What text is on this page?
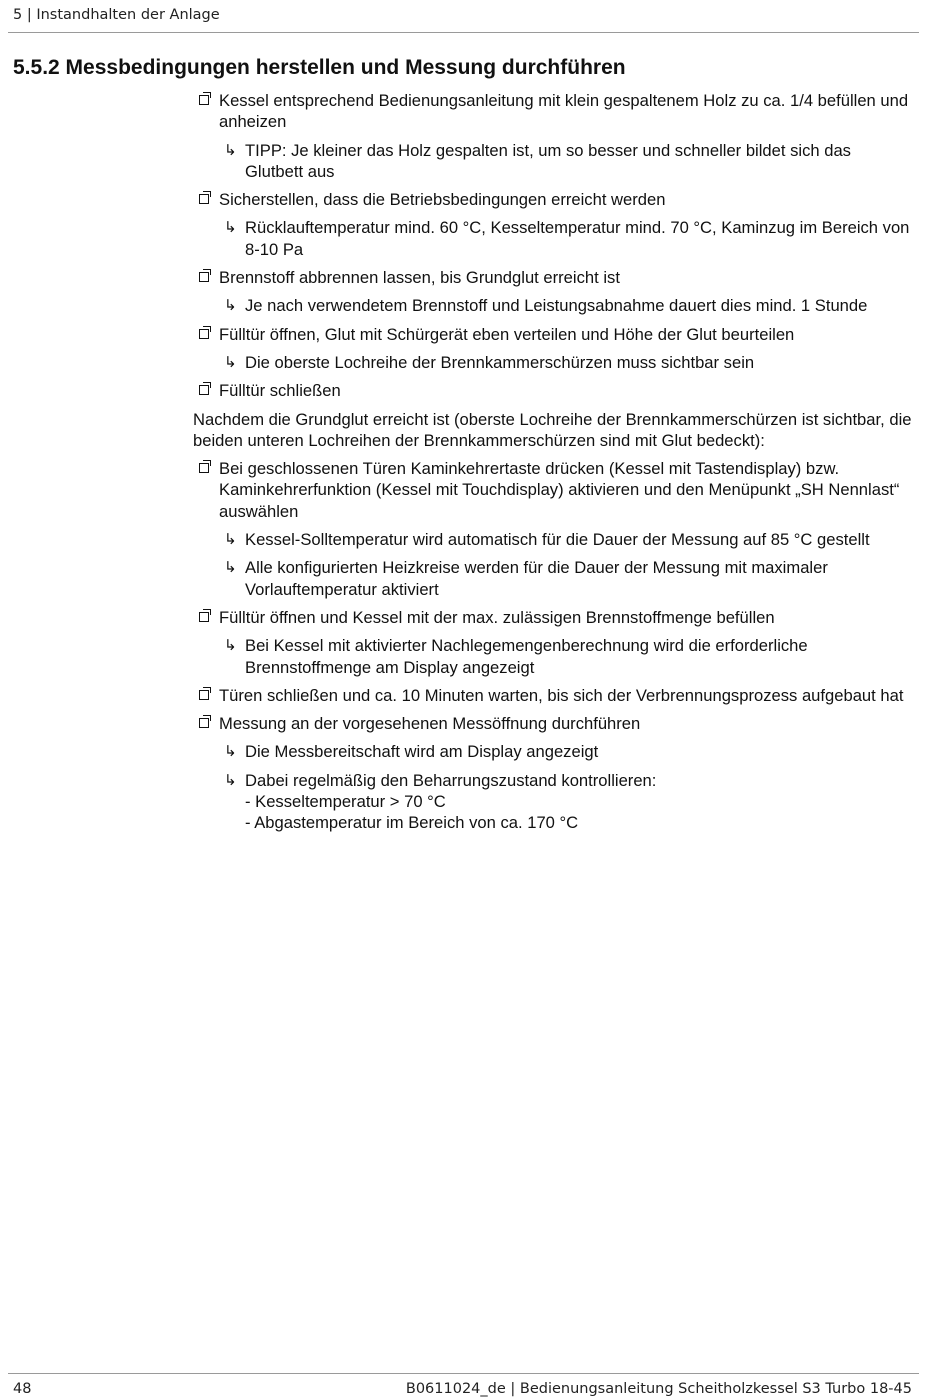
5 | Instandhalten der Anlage
5.5.2 Messbedingungen herstellen und Messung durchführen
Kessel entsprechend Bedienungsanleitung mit klein gespaltenem Holz zu ca. 1/4 befüllen und anheizen
↳ TIPP: Je kleiner das Holz gespalten ist, um so besser und schneller bildet sich das Glutbett aus
Sicherstellen, dass die Betriebsbedingungen erreicht werden
↳ Rücklauftemperatur mind. 60 °C, Kesseltemperatur mind. 70 °C, Kaminzug im Bereich von 8-10 Pa
Brennstoff abbrennen lassen, bis Grundglut erreicht ist
↳ Je nach verwendetem Brennstoff und Leistungsabnahme dauert dies mind. 1 Stunde
Fülltür öffnen, Glut mit Schürgerät eben verteilen und Höhe der Glut beurteilen
↳ Die oberste Lochreihe der Brennkammerschürzen muss sichtbar sein
Fülltür schließen
Nachdem die Grundglut erreicht ist (oberste Lochreihe der Brennkammerschürzen ist sichtbar, die beiden unteren Lochreihen der Brennkammerschürzen sind mit Glut bedeckt):
Bei geschlossenen Türen Kaminkehrertaste drücken (Kessel mit Tastendisplay) bzw. Kaminkehrerfunktion (Kessel mit Touchdisplay) aktivieren und den Menüpunkt „SH Nennlast“ auswählen
↳ Kessel-Solltemperatur wird automatisch für die Dauer der Messung auf 85 °C gestellt
↳ Alle konfigurierten Heizkreise werden für die Dauer der Messung mit maximaler Vorlauftemperatur aktiviert
Fülltür öffnen und Kessel mit der max. zulässigen Brennstoffmenge befüllen
↳ Bei Kessel mit aktivierter Nachlegemengenberechnung wird die erforderliche Brennstoffmenge am Display angezeigt
Türen schließen und ca. 10 Minuten warten, bis sich der Verbrennungsprozess aufgebaut hat
Messung an der vorgesehenen Messöffnung durchführen
↳ Die Messbereitschaft wird am Display angezeigt
↳ Dabei regelmäßig den Beharrungszustand kontrollieren:
- Kesseltemperatur > 70 °C
- Abgastemperatur im Bereich von ca. 170 °C
48	B0611024_de | Bedienungsanleitung Scheitholzkessel S3 Turbo 18-45
